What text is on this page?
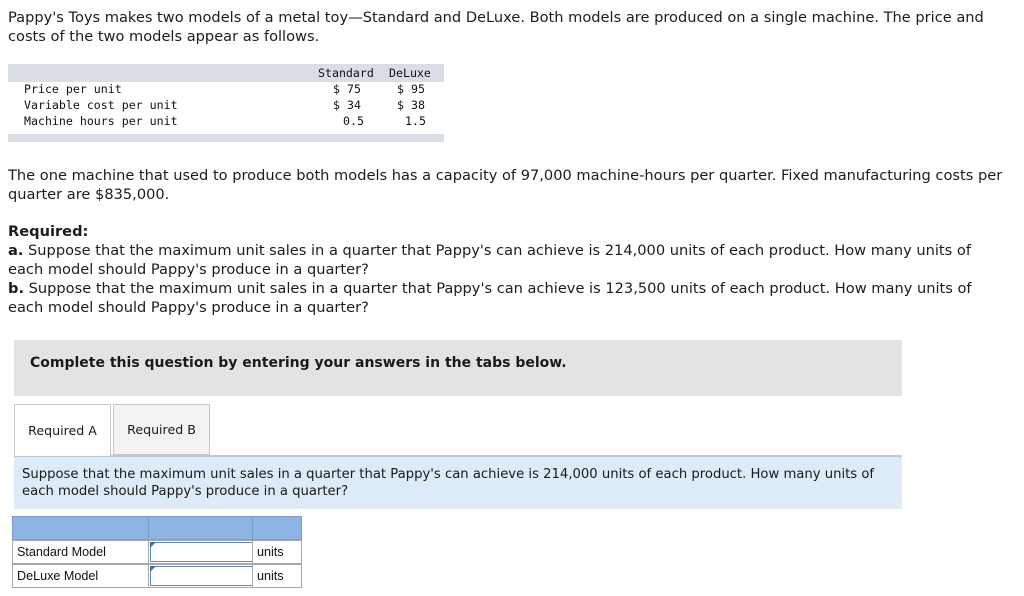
Pappy's Toys makes two models of a metal toy—Standard and DeLuxe. Both models are produced on a single machine. The price and costs of the two models appear as follows.
Standard DeLuxe
Price per unit	$ 75	$ 95
Variable cost per unit	$ 34	$ 38
Machine hours per unit	0.5	1.5
The one machine that used to produce both models has a capacity of 97,000 machine-hours per quarter. Fixed manufacturing costs per quarter are $835,000.
Required:
a. Suppose that the maximum unit sales in a quarter that Pappy's can achieve is 214,000 units of each product. How many units of each model should Pappy's produce in a quarter?
b. Suppose that the maximum unit sales in a quarter that Pappy's can achieve is 123,500 units of each product. How many units of each model should Pappy's produce in a quarter?
Complete this question by entering your answers in the tabs below.
Required A Required B
Suppose that the maximum unit sales in a quarter that Pappy's can achieve is 214,000 units of each product. How many units of each model should Pappy's produce in a quarter?
Standard Model	units
DeLuxe Model	units
